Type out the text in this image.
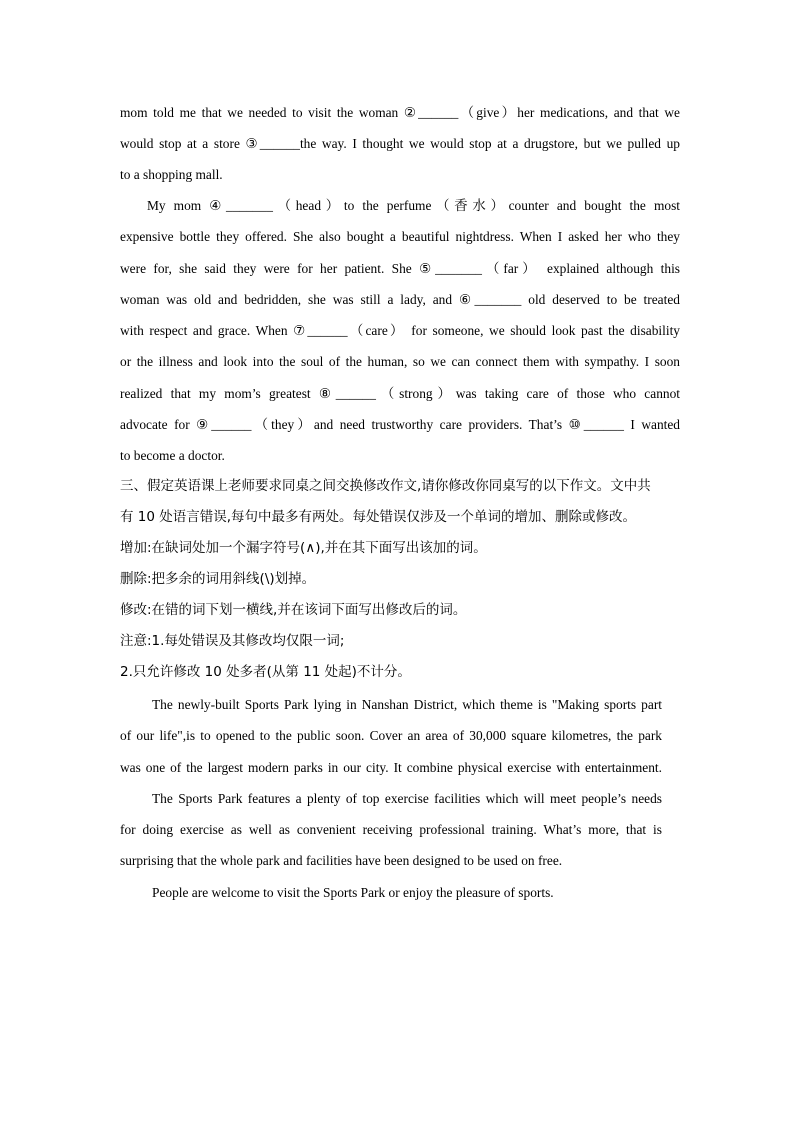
mom told me that we needed to visit the woman ②______（give）her medications, and that we
would stop at a store ③______the way. I thought we would stop at a drugstore, but we pulled up
to a shopping mall.
My mom ④_______（head）to the perfume（香水）counter and bought the most
expensive bottle they offered. She also bought a beautiful nightdress. When I asked her who they
were for, she said they were for her patient. She ⑤_______（far） explained although this
woman was old and bedridden, she was still a lady, and ⑥_______ old deserved to be treated
with respect and grace. When ⑦______（care） for someone, we should look past the disability
or the illness and look into the soul of the human, so we can connect them with sympathy. I soon
realized that my mom’s greatest ⑧______（strong）was taking care of those who cannot
advocate for ⑨______（they）and need trustworthy care providers. That’s ⑩______ I wanted
to become a doctor.
三、假定英语课上老师要求同桌之间交换修改作文,请你修改你同桌写的以下作文。文中共
有 10 处语言错误,每句中最多有两处。每处错误仅涉及一个单词的增加、删除或修改。
增加:在缺词处加一个漏字符号(∧),并在其下面写出该加的词。
删除:把多余的词用斜线(\)划掉。
修改:在错的词下划一横线,并在该词下面写出修改后的词。
注意:1.每处错误及其修改均仅限一词;
2.只允许修改 10 处多者(从第 11 处起)不计分。
The newly-built Sports Park lying in Nanshan District, which theme is "Making sports part
of our life",is to opened to the public soon. Cover an area of 30,000 square kilometres, the park
was one of the largest modern parks in our city. It combine physical exercise with entertainment.
The Sports Park features a plenty of top exercise facilities which will meet people’s needs
for doing exercise as well as convenient receiving professional training. What’s more, that is
surprising that the whole park and facilities have been designed to be used on free.
People are welcome to visit the Sports Park or enjoy the pleasure of sports.
